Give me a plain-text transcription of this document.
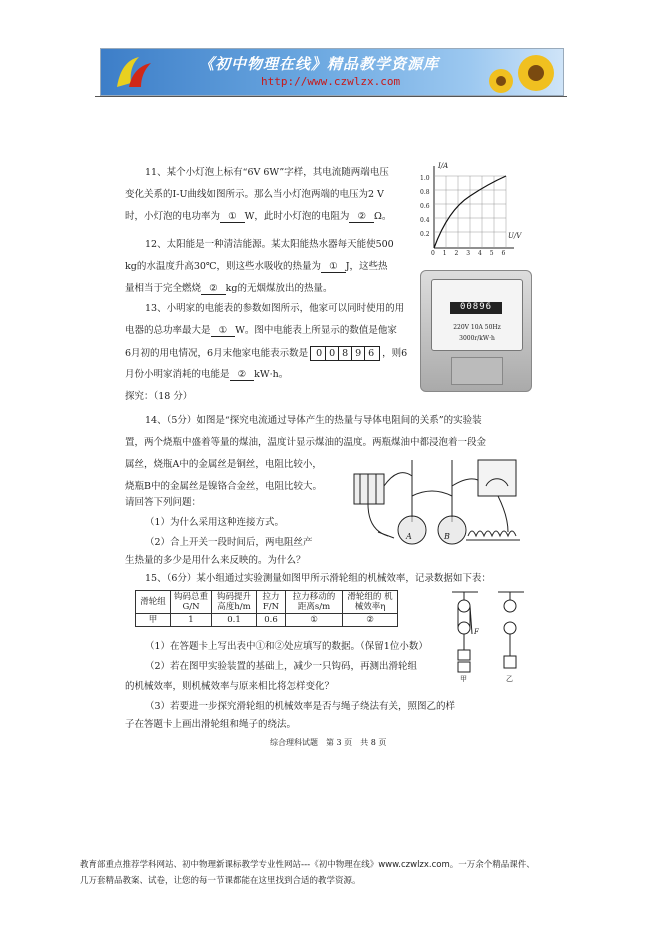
《初中物理在线》精品教学资源库
http://www.czwlzx.com
11、某个小灯泡上标有“6V 6W”字样，其电流随两端电压
变化关系的I-U曲线如图所示。那么当小灯泡两端的电压为2 V
时，小灯泡的电功率为 ① W，此时小灯泡的电阻为 ② Ω。
I/A
U/V
1.0
0.8
0.6
0.4
0.2
0 1 2 3 4 5 6
12、太阳能是一种清洁能源。某太阳能热水器每天能使500
kg的水温度升高30℃，则这些水吸收的热量为 ① J，这些热
量相当于完全燃烧 ② kg的无烟煤放出的热量。
00896
220V 10A 50Hz
3000r/kW·h
13、小明家的电能表的参数如图所示，他家可以同时使用的用
电器的总功率最大是 ① W。图中电能表上所显示的数值是他家
6月初的用电情况，6月末他家电能表示数是 0 0 8 9 6 ，则6
月份小明家消耗的电能是 ② kW·h。
探究：（18 分）
14、（5分）如图是“探究电流通过导体产生的热量与导体电阻间的关系”的实验装
置，两个烧瓶中盛着等量的煤油，温度计显示煤油的温度。两瓶煤油中都浸泡着一段金
属丝，烧瓶A中的金属丝是铜丝，电阻比较小，
烧瓶B中的金属丝是镍铬合金丝，电阻比较大。
请回答下列问题：
（1）为什么采用这种连接方式。
（2）合上开关一段时间后，两电阻丝产
生热量的多少是用什么来反映的。为什么？
A	B
15、（6分）某小组通过实验测量如图甲所示滑轮组的机械效率，记录数据如下表：
滑轮组	钩码总重 G/N	钩码提升 高度h/m	拉力 F/N	拉力移动的 距离s/m	滑轮组的 机械效率η
甲	1	0.1	0.6	①	②
F
甲	乙
（1）在答题卡上写出表中①和②处应填写的数据。（保留1位小数）
（2）若在图甲实验装置的基础上，减少一只钩码，再测出滑轮组
的机械效率，则机械效率与原来相比将怎样变化？
（3）若要进一步探究滑轮组的机械效率是否与绳子绕法有关，照图乙的样
子在答题卡上画出滑轮组和绳子的绕法。
综合理科试题　第 3 页　共 8 页
教育部重点推荐学科网站、初中物理新课标教学专业性网站---《初中物理在线》www.czwlzx.com。一万余个精品课件、
几万套精品教案、试卷，让您的每一节课都能在这里找到合适的教学资源。
